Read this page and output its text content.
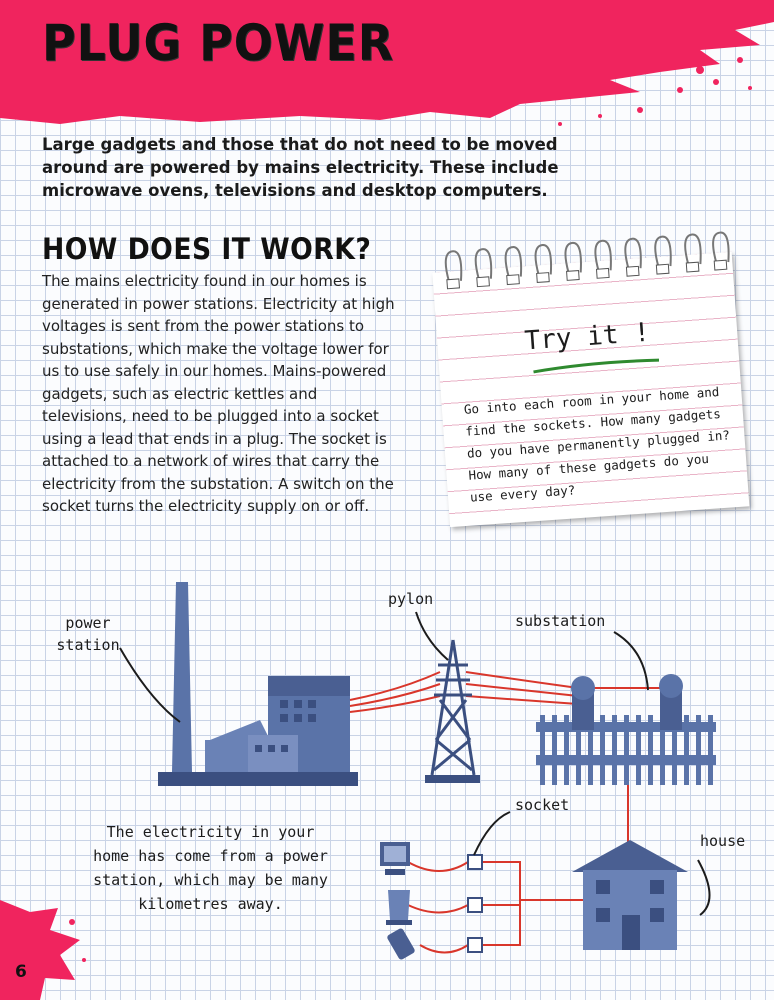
PLUG POWER
Large gadgets and those that do not need to be moved around are powered by mains electricity. These include microwave ovens, televisions and desktop computers.
HOW DOES IT WORK?
The mains electricity found in our homes is generated in power stations. Electricity at high voltages is sent from the power stations to substations, which make the voltage lower for us to use safely in our homes. Mains-powered gadgets, such as electric kettles and televisions, need to be plugged into a socket using a lead that ends in a plug. The socket is attached to a network of wires that carry the electricity from the substation. A switch on the socket turns the electricity supply on or off.
Try it !
Go into each room in your home and find the sockets. How many gadgets do you have permanently plugged in? How many of these gadgets do you use every day?
power station
pylon
substation
socket
house
The electricity in your home has come from a power station, which may be many kilometres away.
6
